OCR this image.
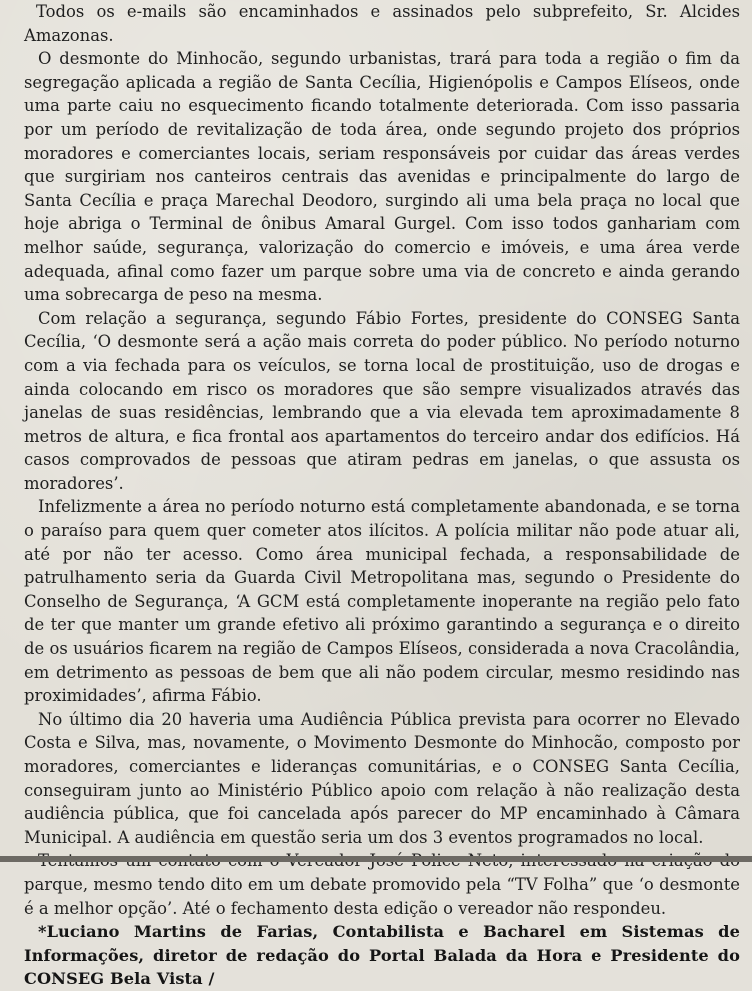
Todos os e-mails são encaminhados e assinados pelo subprefeito, Sr. Alcides Amazonas.

O desmonte do Minhocão, segundo urbanistas, trará para toda a região o fim da segregação aplicada a região de Santa Cecília, Higienópolis e Campos Elíseos, onde uma parte caiu no esquecimento ficando totalmente deteriorada. Com isso passaria por um período de revitalização de toda área, onde segundo projeto dos próprios moradores e comerciantes locais, seriam responsáveis por cuidar das áreas verdes que surgiriam nos canteiros centrais das avenidas e principalmente do largo de Santa Cecília e praça Marechal Deodoro, surgindo ali uma bela praça no local que hoje abriga o Terminal de ônibus Amaral Gurgel. Com isso todos ganhariam com melhor saúde, segurança, valorização do comercio e imóveis, e uma área verde adequada, afinal como fazer um parque sobre uma via de concreto e ainda gerando uma sobrecarga de peso na mesma.

Com relação a segurança, segundo Fábio Fortes, presidente do CONSEG Santa Cecília, ‘O desmonte será a ação mais correta do poder público. No período noturno com a via fechada para os veículos, se torna local de prostituição, uso de drogas e ainda colocando em risco os moradores que são sempre visualizados através das janelas de suas residências, lembrando que a via elevada tem aproximadamente 8 metros de altura, e fica frontal aos apartamentos do terceiro andar dos edifícios. Há casos comprovados de pessoas que atiram pedras em janelas, o que assusta os moradores’.

Infelizmente a área no período noturno está completamente abandonada, e se torna o paraíso para quem quer cometer atos ilícitos. A polícia militar não pode atuar ali, até por não ter acesso. Como área municipal fechada, a responsabilidade de patrulhamento seria da Guarda Civil Metropolitana mas, segundo o Presidente do Conselho de Segurança, ‘A GCM está completamente inoperante na região pelo fato de ter que manter um grande efetivo ali próximo garantindo a segurança e o direito de os usuários ficarem na região de Campos Elíseos, considerada a nova Cracolândia, em detrimento as pessoas de bem que ali não podem circular, mesmo residindo nas proximidades’, afirma Fábio.

No último dia 20 haveria uma Audiência Pública prevista para ocorrer no Elevado Costa e Silva, mas, novamente, o Movimento Desmonte do Minhocão, composto por moradores, comerciantes e lideranças comunitárias, e o CONSEG Santa Cecília, conseguiram junto ao Ministério Público apoio com relação à não realização desta audiência pública, que foi cancelada após parecer do MP encaminhado à Câmara Municipal. A audiência em questão seria um dos 3 eventos programados no local.

parque, mesmo tendo dito em um debate promovido pela “TV Folha” que ‘o desmonte é a melhor opção’. Até o fechamento desta edição o vereador não respondeu.

*Luciano Martins de Farias, Contabilista e Bacharel em Sistemas de Informações, diretor de redação do Portal Balada da Hora e Presidente do CONSEG Bela Vista /
